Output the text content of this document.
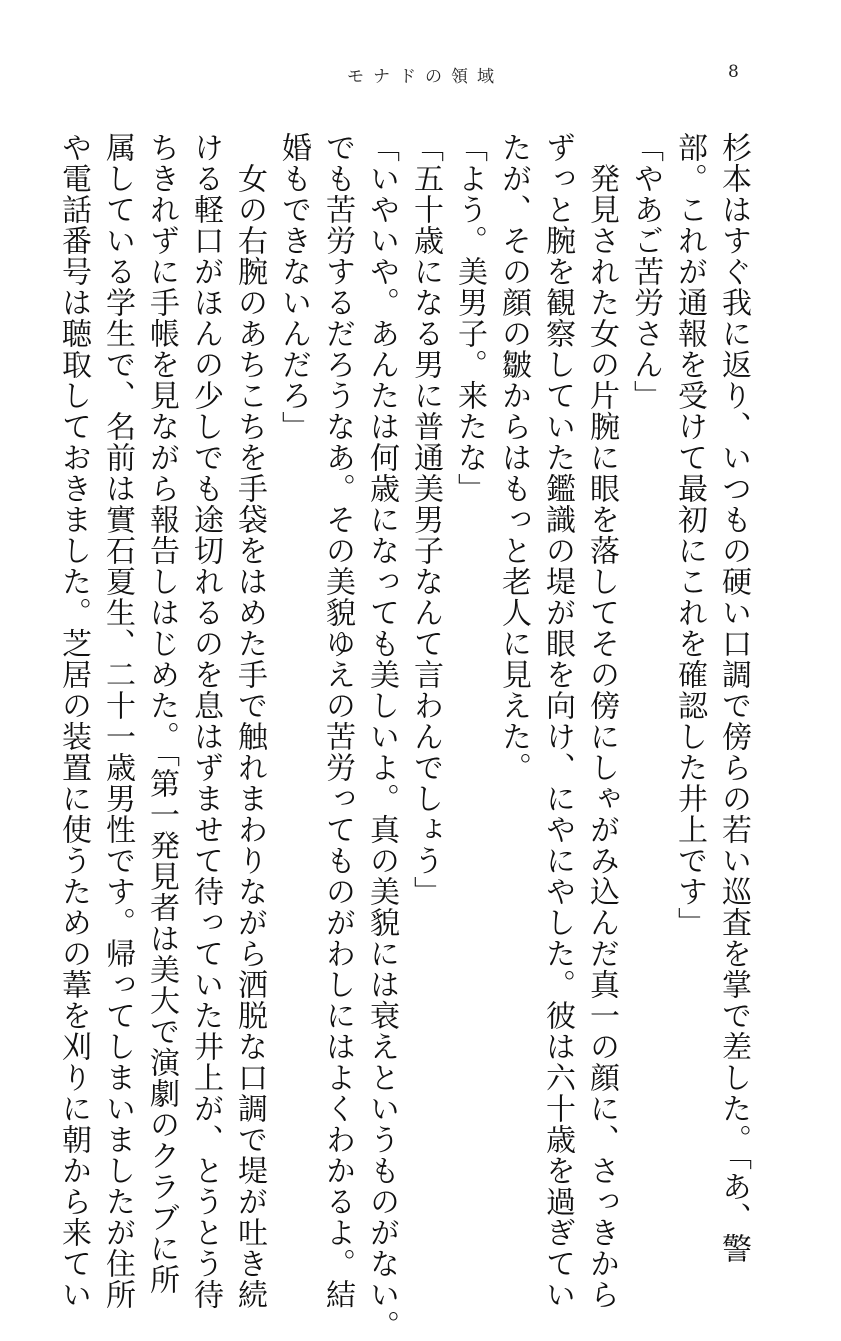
モナドの領域	8
杉本はすぐ我に返り、いつもの硬い口調で傍らの若い巡査を掌で差した。「あ、警
部。これが通報を受けて最初にこれを確認した井上です」
「やあご苦労さん」
　発見された女の片腕に眼を落してその傍にしゃがみ込んだ真一の顔に、さっきから
ずっと腕を観察していた鑑識の堤が眼を向け、にやにやした。彼は六十歳を過ぎてい
たが、その顔の皺からはもっと老人に見えた。
「よう。美男子。来たな」
「五十歳になる男に普通美男子なんて言わんでしょう」
「いやいや。あんたは何歳になっても美しいよ。真の美貌には衰えというものがない。
でも苦労するだろうなあ。その美貌ゆえの苦労ってものがわしにはよくわかるよ。結
婚もできないんだろ」
　女の右腕のあちこちを手袋をはめた手で触れまわりながら洒脱な口調で堤が吐き続
ける軽口がほんの少しでも途切れるのを息はずませて待っていた井上が、とうとう待
ちきれずに手帳を見ながら報告しはじめた。「第一発見者は美大で演劇のクラブに所
属している学生で、名前は實石夏生、二十一歳男性です。帰ってしまいましたが住所
や電話番号は聴取しておきました。芝居の装置に使うための葦を刈りに朝から来てい
